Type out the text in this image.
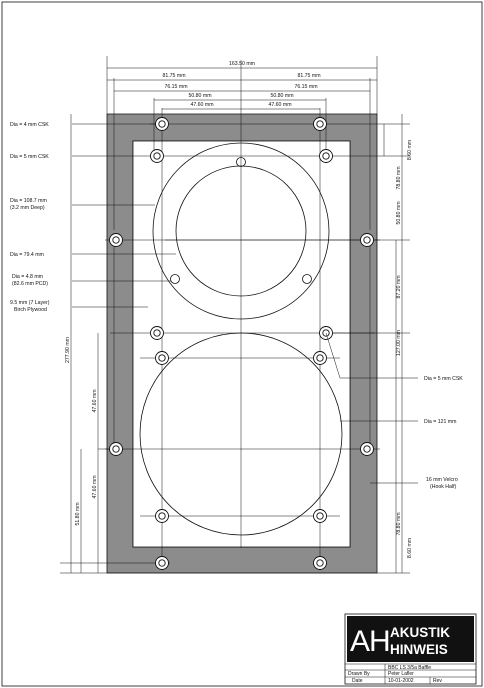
163.50 mm
81.75 mm	81.75 mm
76.15 mm	76.15 mm
50.80 mm	50.80 mm
47.60 mm	47.60 mm
8.60 mm
78.80 mm
50.80 mm
87.20 mm
127.00 mm
78.80 mm
8.60 mm
277.90 mm
47.60 mm
47.60 mm
51.80 mm
Dia = 4 mm CSK
Dia = 5 mm CSK
Dia = 108.7 mm
(3.2 mm Deep)
Dia = 79.4 mm
Dia = 4.8 mm
(82.6 mm PCD)
9.5 mm (7 Layer)
Birch Plywood
Dia = 5 mm CSK
Dia = 121 mm
16 mm Velcro
(Hook Half)
AH AKUSTIK
HINWEIS
BBC LS 3/5a Baffle
Drawn By	Peter Lafler
Date	10-01-2002	Rev
